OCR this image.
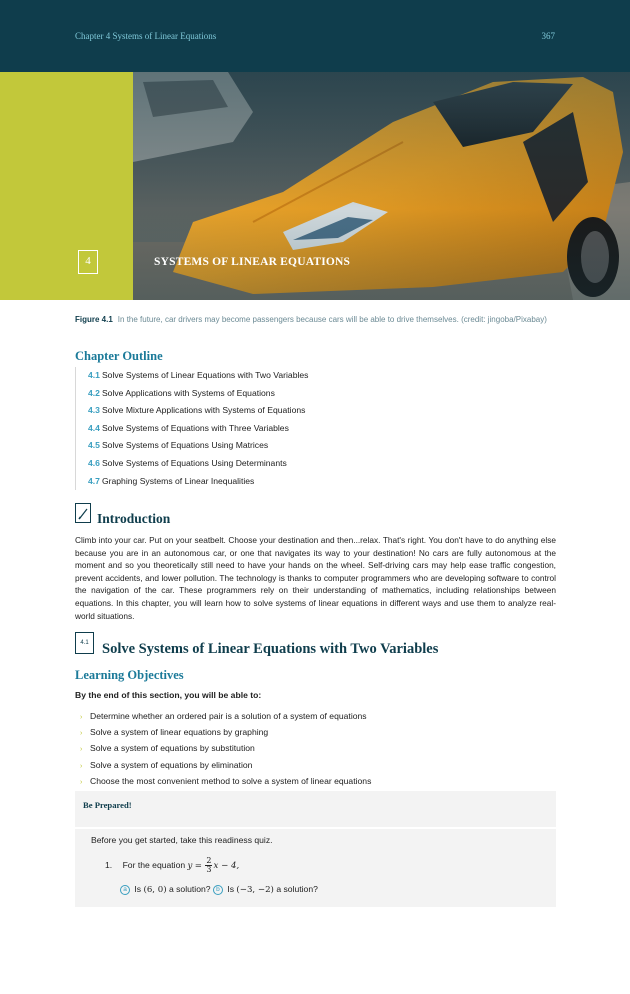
Chapter 4 Systems of Linear Equations	367
4	SYSTEMS OF LINEAR EQUATIONS
Figure 4.1 In the future, car drivers may become passengers because cars will be able to drive themselves. (credit: jingoba/Pixabay)
Chapter Outline
4.1 Solve Systems of Linear Equations with Two Variables
4.2 Solve Applications with Systems of Equations
4.3 Solve Mixture Applications with Systems of Equations
4.4 Solve Systems of Equations with Three Variables
4.5 Solve Systems of Equations Using Matrices
4.6 Solve Systems of Equations Using Determinants
4.7 Graphing Systems of Linear Inequalities
Introduction
Climb into your car. Put on your seatbelt. Choose your destination and then...relax. That's right. You don't have to do anything else because you are in an autonomous car, or one that navigates its way to your destination! No cars are fully autonomous at the moment and so you theoretically still need to have your hands on the wheel. Self-driving cars may help ease traffic congestion, prevent accidents, and lower pollution. The technology is thanks to computer programmers who are developing software to control the navigation of the car. These programmers rely on their understanding of mathematics, including relationships between equations. In this chapter, you will learn how to solve systems of linear equations in different ways and use them to analyze real-world situations.
4.1 Solve Systems of Linear Equations with Two Variables
Learning Objectives
By the end of this section, you will be able to:
› Determine whether an ordered pair is a solution of a system of equations
› Solve a system of linear equations by graphing
› Solve a system of equations by substitution
› Solve a system of equations by elimination
› Choose the most convenient method to solve a system of linear equations
Be Prepared!
Before you get started, take this readiness quiz.
1. For the equation $y = \frac{2}{3}$ x − 4,
a Is (6, 0) a solution? b Is (−3, −2) a solution?
